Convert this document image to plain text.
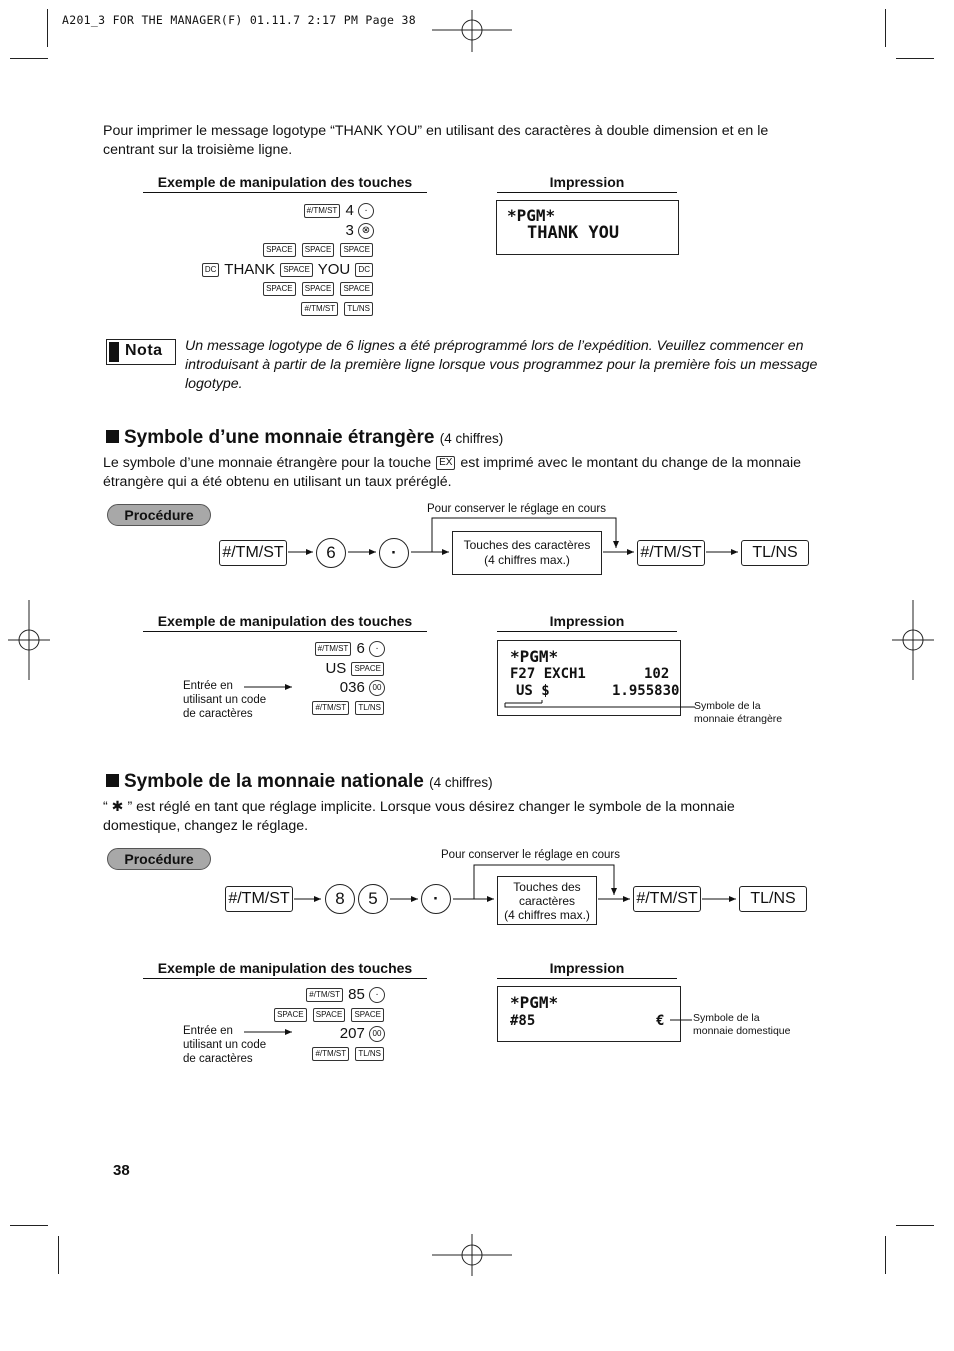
A201_3 FOR THE MANAGER(F) 01.11.7 2:17 PM Page 38
Pour imprimer le message logotype “THANK YOU” en utilisant des caractères à double dimension et en le centrant sur la troisième ligne.
Exemple de manipulation des touches	Impression
#/TM/ST 4 ·
3 ⊗
SPACE SPACE SPACE
DC THANK SPACE YOU DC
SPACE SPACE SPACE
#/TM/ST TL/NS
*PGM*
THANK YOU
Nota Un message logotype de 6 lignes a été préprogrammé lors de l’expédition. Veuillez commencer en introduisant à partir de la première ligne lorsque vous programmez pour la première fois un message logotype.
Symbole d’une monnaie étrangère (4 chiffres)
Le symbole d’une monnaie étrangère pour la touche EX est imprimé avec le montant du change de la monnaie étrangère qui a été obtenu en utilisant un taux préréglé.
Procédure	Pour conserver le réglage en cours
#/TM/ST	6	·	Touches des caractères
(4 chiffres max.)	#/TM/ST	TL/NS
Exemple de manipulation des touches	Impression
#/TM/ST 6 ·
US SPACE
036 00
#/TM/ST TL/NS
Entrée en
utilisant un code
de caractères
*PGM*
F27 EXCH1	102
US $	1.955830
Symbole de la
monnaie étrangère
Symbole de la monnaie nationale (4 chiffres)
“ ✱ ” est réglé en tant que réglage implicite. Lorsque vous désirez changer le symbole de la monnaie domestique, changez le réglage.
Procédure	Pour conserver le réglage en cours
#/TM/ST	8	5	·
Touches des
caractères
(4 chiffres max.)
#/TM/ST	TL/NS
Exemple de manipulation des touches	Impression
#/TM/ST 85 ·
SPACE SPACE SPACE
207 00
#/TM/ST TL/NS
Entrée en
utilisant un code
de caractères
*PGM*
#85	€	Symbole de la
monnaie domestique
38
